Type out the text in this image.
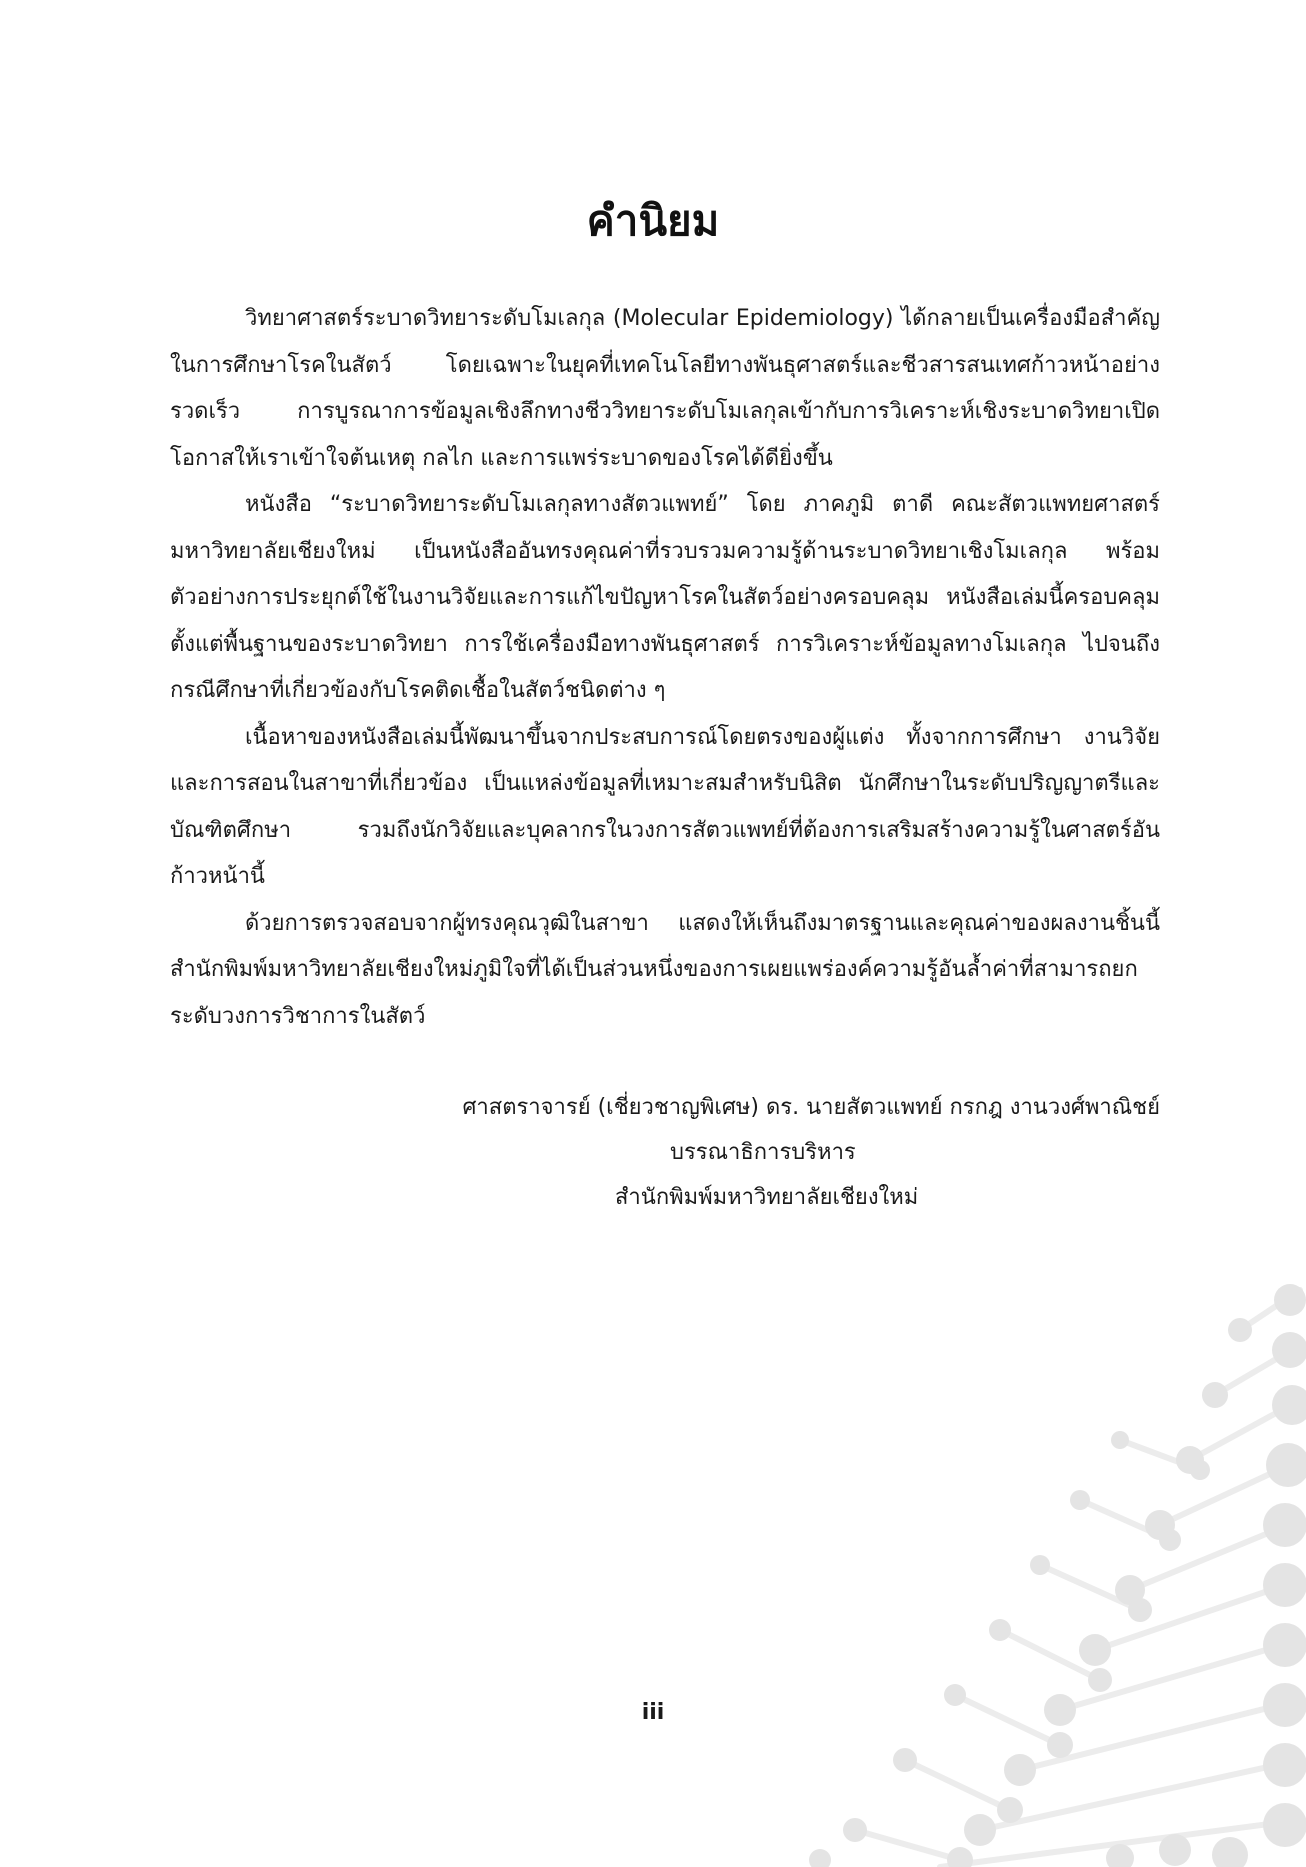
คำนิยม

วิทยาศาสตร์ระบาดวิทยาระดับโมเลกุล (Molecular Epidemiology) ได้กลายเป็นเครื่องมือสำคัญในการศึกษาโรคในสัตว์ โดยเฉพาะในยุคที่เทคโนโลยีทางพันธุศาสตร์และชีวสารสนเทศก้าวหน้าอย่างรวดเร็ว การบูรณาการข้อมูลเชิงลึกทางชีววิทยาระดับโมเลกุลเข้ากับการวิเคราะห์เชิงระบาดวิทยาเปิดโอกาสให้เราเข้าใจต้นเหตุ กลไก และการแพร่ระบาดของโรคได้ดียิ่งขึ้น

หนังสือ “ระบาดวิทยาระดับโมเลกุลทางสัตวแพทย์” โดย ภาคภูมิ ตาดี คณะสัตวแพทยศาสตร์ มหาวิทยาลัยเชียงใหม่ เป็นหนังสืออันทรงคุณค่าที่รวบรวมความรู้ด้านระบาดวิทยาเชิงโมเลกุล พร้อมตัวอย่างการประยุกต์ใช้ในงานวิจัยและการแก้ไขปัญหาโรคในสัตว์อย่างครอบคลุม หนังสือเล่มนี้ครอบคลุมตั้งแต่พื้นฐานของระบาดวิทยา การใช้เครื่องมือทางพันธุศาสตร์ การวิเคราะห์ข้อมูลทางโมเลกุล ไปจนถึงกรณีศึกษาที่เกี่ยวข้องกับโรคติดเชื้อในสัตว์ชนิดต่าง ๆ

เนื้อหาของหนังสือเล่มนี้พัฒนาขึ้นจากประสบการณ์โดยตรงของผู้แต่ง ทั้งจากการศึกษา งานวิจัย และการสอนในสาขาที่เกี่ยวข้อง เป็นแหล่งข้อมูลที่เหมาะสมสำหรับนิสิต นักศึกษาในระดับปริญญาตรีและบัณฑิตศึกษา รวมถึงนักวิจัยและบุคลากรในวงการสัตวแพทย์ที่ต้องการเสริมสร้างความรู้ในศาสตร์อันก้าวหน้านี้

ด้วยการตรวจสอบจากผู้ทรงคุณวุฒิในสาขา แสดงให้เห็นถึงมาตรฐานและคุณค่าของผลงานชิ้นนี้ สำนักพิมพ์มหาวิทยาลัยเชียงใหม่ภูมิใจที่ได้เป็นส่วนหนึ่งของการเผยแพร่องค์ความรู้อันล้ำค่าที่สามารถยกระดับวงการวิชาการในสัตว์

ศาสตราจารย์ (เชี่ยวชาญพิเศษ) ดร. นายสัตวแพทย์ กรกฎ งานวงศ์พาณิชย์
บรรณาธิการบริหาร
สำนักพิมพ์มหาวิทยาลัยเชียงใหม่
iii
